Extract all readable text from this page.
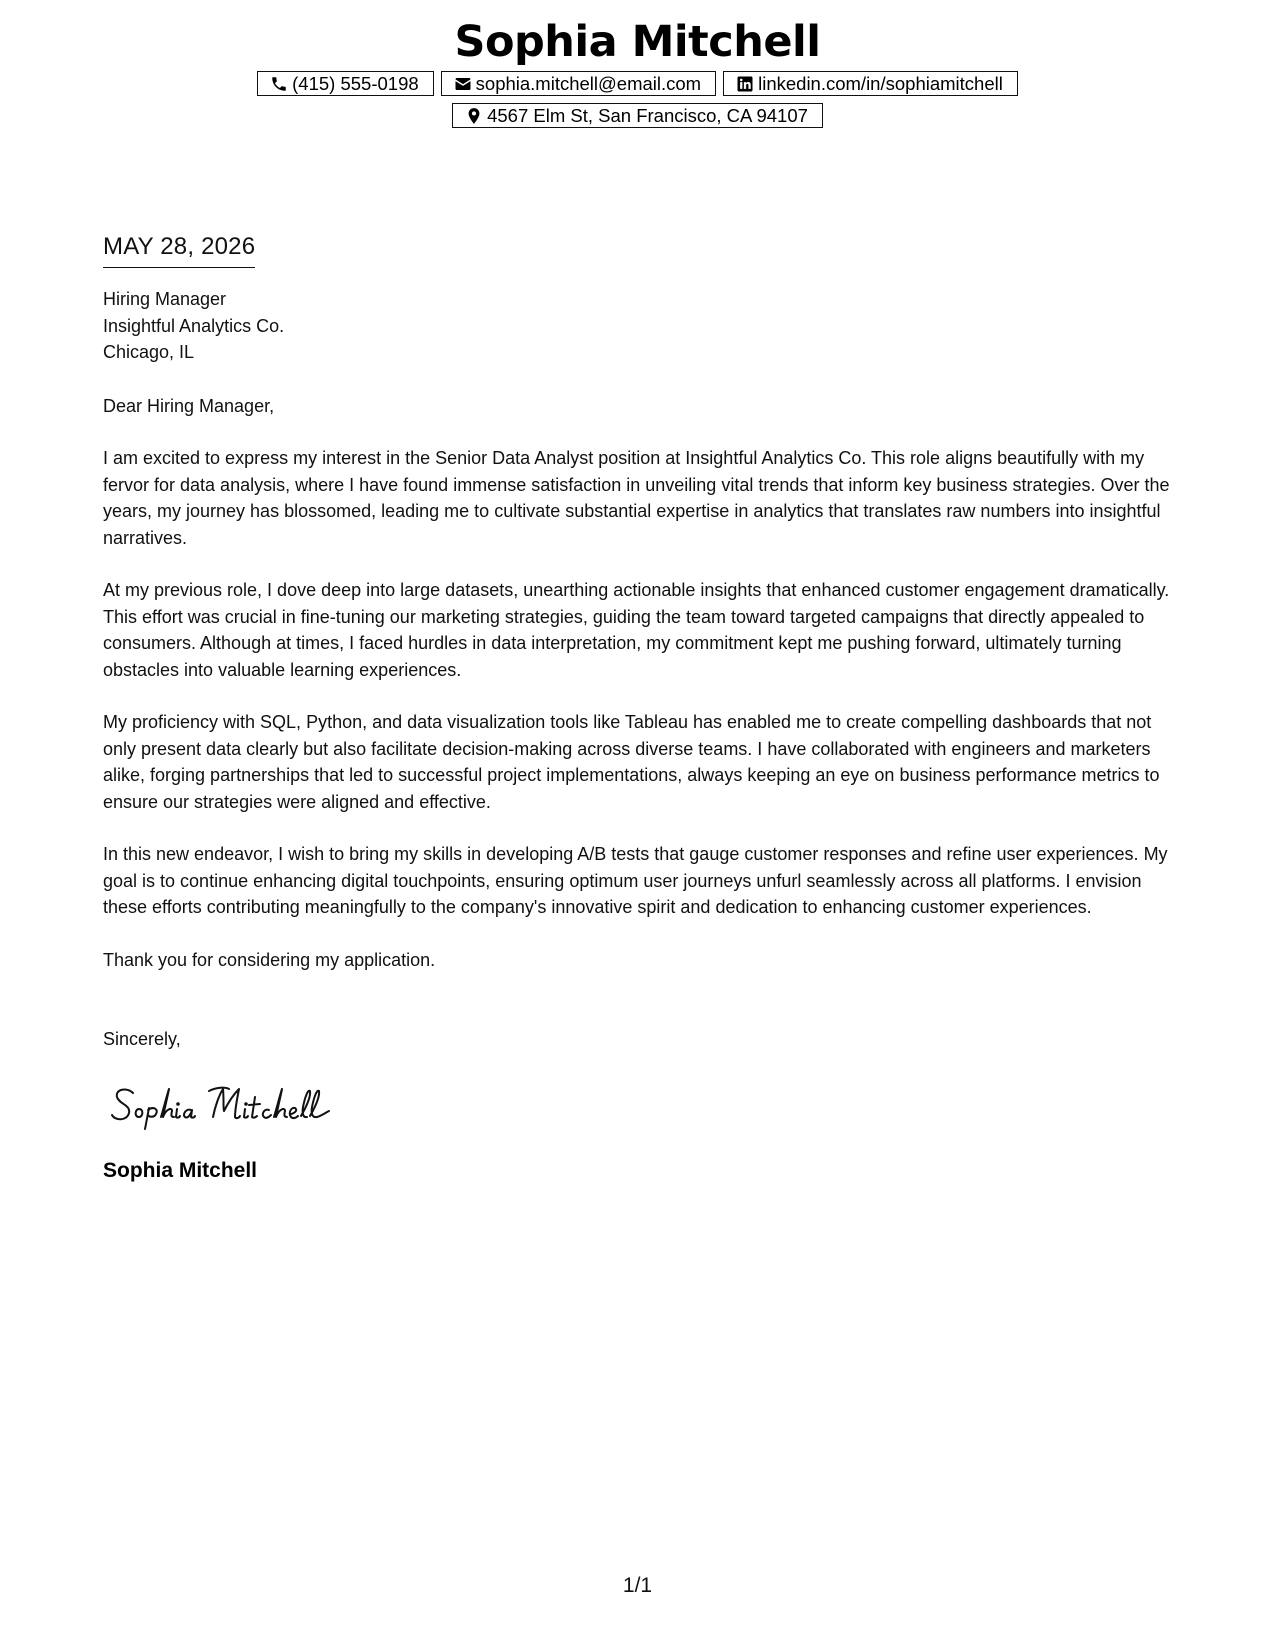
Sophia Mitchell
(415) 555-0198	sophia.mitchell@email.com	linkedin.com/in/sophiamitchell
4567 Elm St, San Francisco, CA 94107
MAY 28, 2026
Hiring Manager
Insightful Analytics Co.
Chicago, IL
Dear Hiring Manager,

I am excited to express my interest in the Senior Data Analyst position at Insightful Analytics Co. This role aligns beautifully with my fervor for data analysis, where I have found immense satisfaction in unveiling vital trends that inform key business strategies. Over the years, my journey has blossomed, leading me to cultivate substantial expertise in analytics that translates raw numbers into insightful narratives.

At my previous role, I dove deep into large datasets, unearthing actionable insights that enhanced customer engagement dramatically. This effort was crucial in fine-tuning our marketing strategies, guiding the team toward targeted campaigns that directly appealed to consumers. Although at times, I faced hurdles in data interpretation, my commitment kept me pushing forward, ultimately turning obstacles into valuable learning experiences.

My proficiency with SQL, Python, and data visualization tools like Tableau has enabled me to create compelling dashboards that not only present data clearly but also facilitate decision-making across diverse teams. I have collaborated with engineers and marketers alike, forging partnerships that led to successful project implementations, always keeping an eye on business performance metrics to ensure our strategies were aligned and effective.

In this new endeavor, I wish to bring my skills in developing A/B tests that gauge customer responses and refine user experiences. My goal is to continue enhancing digital touchpoints, ensuring optimum user journeys unfurl seamlessly across all platforms. I envision these efforts contributing meaningfully to the company's innovative spirit and dedication to enhancing customer experiences.

Thank you for considering my application.
Sincerely,
Sophia Mitchell
1/1
